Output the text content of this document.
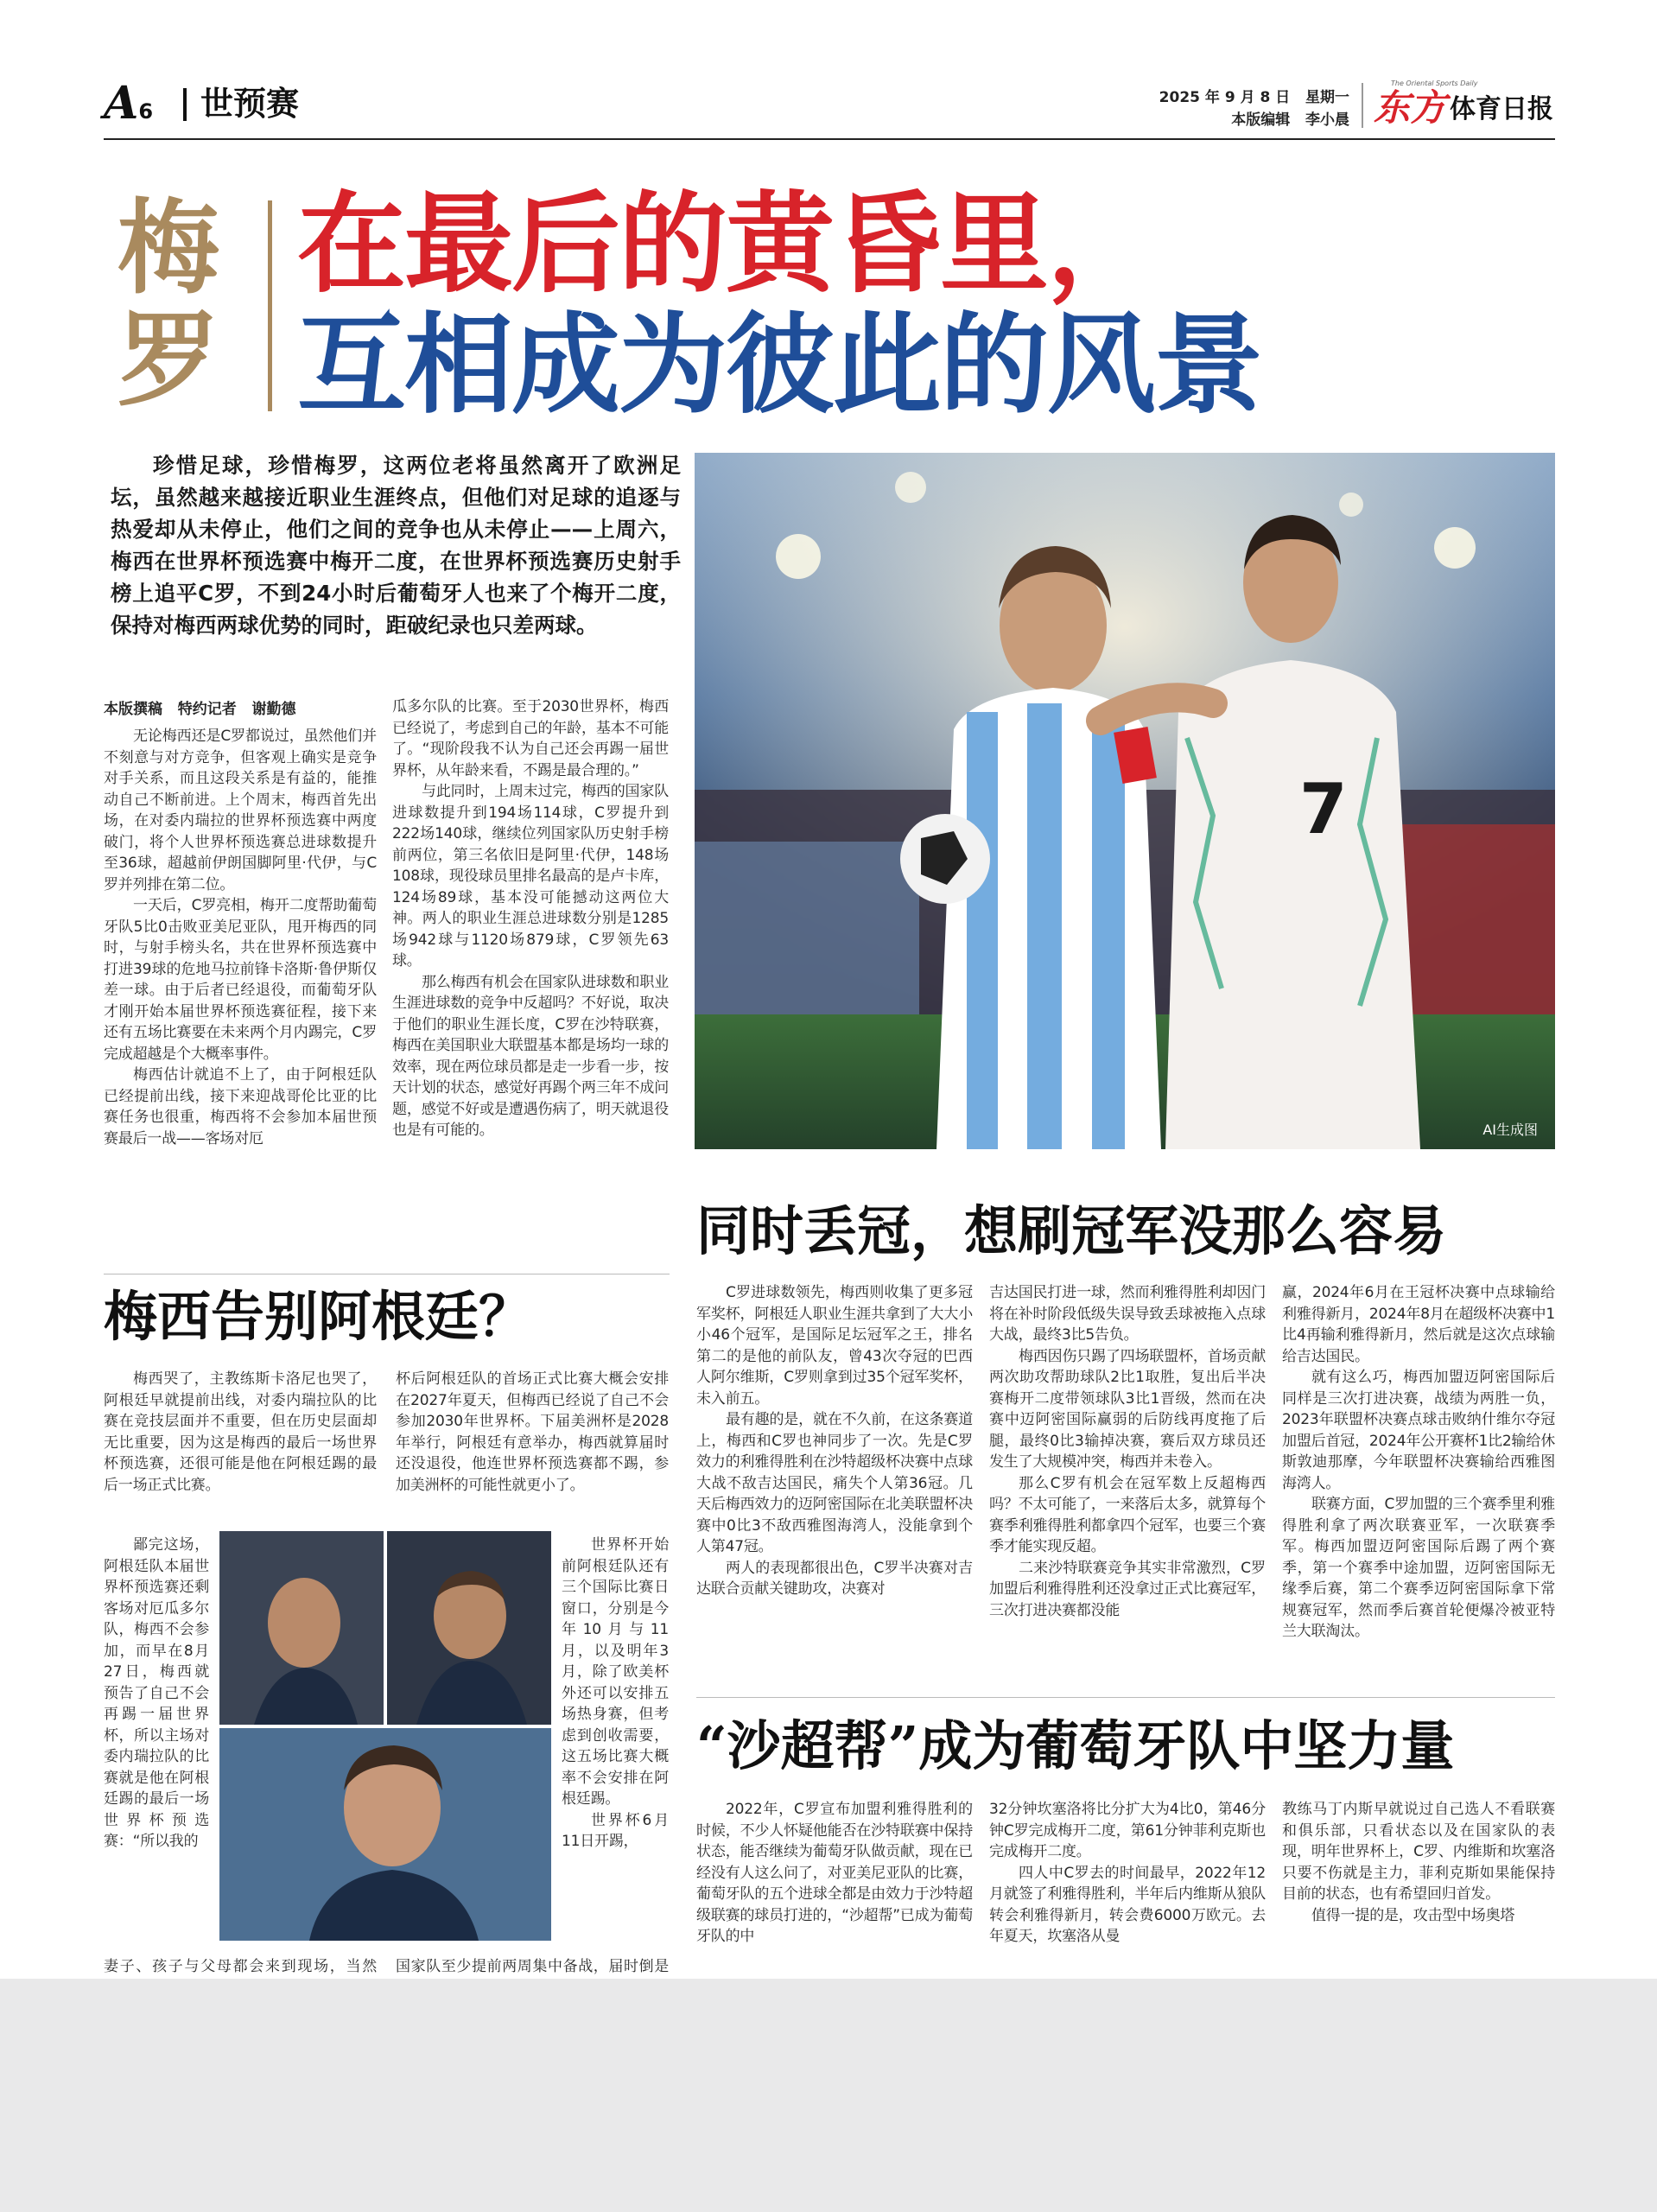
A6 世预赛	2025 年 9 月 8 日   星期一
本版编辑   李小晨
The Oriental Sports Daily
东方 体育日报
梅
罗
在最后的黄昏里，
互相成为彼此的风景

珍惜足球，珍惜梅罗，这两位老将虽然离开了欧洲足坛，虽然越来越接近职业生涯终点，但他们对足球的追逐与热爱却从未停止，他们之间的竞争也从未停止——上周六，梅西在世界杯预选赛中梅开二度，在世界杯预选赛历史射手榜上追平C罗，不到24小时后葡萄牙人也来了个梅开二度，保持对梅西两球优势的同时，距破纪录也只差两球。

7
AI生成图
本版撰稿   特约记者   谢勤德

无论梅西还是C罗都说过，虽然他们并不刻意与对方竞争，但客观上确实是竞争对手关系，而且这段关系是有益的，能推动自己不断前进。上个周末，梅西首先出场，在对委内瑞拉的世界杯预选赛中两度破门，将个人世界杯预选赛总进球数提升至36球，超越前伊朗国脚阿里·代伊，与C罗并列排在第二位。

一天后，C罗亮相，梅开二度帮助葡萄牙队5比0击败亚美尼亚队，甩开梅西的同时，与射手榜头名，共在世界杯预选赛中打进39球的危地马拉前锋卡洛斯·鲁伊斯仅差一球。由于后者已经退役，而葡萄牙队才刚开始本届世界杯预选赛征程，接下来还有五场比赛要在未来两个月内踢完，C罗完成超越是个大概率事件。

梅西估计就追不上了，由于阿根廷队已经提前出线，接下来迎战哥伦比亚的比赛任务也很重，梅西将不会参加本届世预赛最后一战——客场对厄

瓜多尔队的比赛。至于2030世界杯，梅西已经说了，考虑到自己的年龄，基本不可能了。“现阶段我不认为自己还会再踢一届世界杯，从年龄来看，不踢是最合理的。”

与此同时，上周末过完，梅西的国家队进球数提升到194场114球，C罗提升到222场140球，继续位列国家队历史射手榜前两位，第三名依旧是阿里·代伊，148场108球，现役球员里排名最高的是卢卡库，124场89球，基本没可能撼动这两位大神。两人的职业生涯总进球数分别是1285场942球与1120场879球，C罗领先63球。

那么梅西有机会在国家队进球数和职业生涯进球数的竞争中反超吗？不好说，取决于他们的职业生涯长度，C罗在沙特联赛，梅西在美国职业大联盟基本都是场均一球的效率，现在两位球员都是走一步看一步，按天计划的状态，感觉好再踢个两三年不成问题，感觉不好或是遭遇伤病了，明天就退役也是有可能的。

梅西告别阿根廷？

梅西哭了，主教练斯卡洛尼也哭了，阿根廷早就提前出线，对委内瑞拉队的比赛在竞技层面并不重要，但在历史层面却无比重要，因为这是梅西的最后一场世界杯预选赛，还很可能是他在阿根廷踢的最后一场正式比赛。

鄙完这场，阿根廷队本届世界杯预选赛还剩客场对厄瓜多尔队，梅西不会参加，而早在8月27日，梅西就预告了自己不会再踢一届世界杯，所以主场对委内瑞拉队的比赛就是他在阿根廷踢的最后一场世界杯预选赛：“所以我的

妻子、孩子与父母都会来到现场，当然

杯后阿根廷队的首场正式比赛大概会安排在2027年夏天，但梅西已经说了自己不会参加2030年世界杯。下届美洲杯是2028年举行，阿根廷有意举办，梅西就算届时还没退役，他连世界杯预选赛都不踢，参加美洲杯的可能性就更小了。

世界杯开始前阿根廷队还有三个国际比赛日窗口，分别是今年10月与11月，以及明年3月，除了欧美杯外还可以安排五场热身赛，但考虑到创收需要，这五场比赛大概率不会安排在阿根廷踢。

世界杯6月11日开踢，

国家队至少提前两周集中备战，届时倒是

同时丢冠，想刷冠军没那么容易

C罗进球数领先，梅西则收集了更多冠军奖杯，阿根廷人职业生涯共拿到了大大小小46个冠军，是国际足坛冠军之王，排名第二的是他的前队友，曾43次夺冠的巴西人阿尔维斯，C罗则拿到过35个冠军奖杯，未入前五。

最有趣的是，就在不久前，在这条赛道上，梅西和C罗也神同步了一次。先是C罗效力的利雅得胜利在沙特超级杯决赛中点球大战不敌吉达国民，痛失个人第36冠。几天后梅西效力的迈阿密国际在北美联盟杯决赛中0比3不敌西雅图海湾人，没能拿到个人第47冠。

两人的表现都很出色，C罗半决赛对吉达联合贡献关键助攻，决赛对

吉达国民打进一球，然而利雅得胜利却因门将在补时阶段低级失误导致丢球被拖入点球大战，最终3比5告负。

梅西因伤只踢了四场联盟杯，首场贡献两次助攻帮助球队2比1取胜，复出后半决赛梅开二度带领球队3比1晋级，然而在决赛中迈阿密国际赢弱的后防线再度拖了后腿，最终0比3输掉决赛，赛后双方球员还发生了大规模冲突，梅西并未卷入。

那么C罗有机会在冠军数上反超梅西吗？不太可能了，一来落后太多，就算每个赛季利雅得胜利都拿四个冠军，也要三个赛季才能实现反超。

二来沙特联赛竞争其实非常激烈，C罗加盟后利雅得胜利还没拿过正式比赛冠军，三次打进决赛都没能

赢，2024年6月在王冠杯决赛中点球输给利雅得新月，2024年8月在超级杯决赛中1比4再输利雅得新月，然后就是这次点球输给吉达国民。

就有这么巧，梅西加盟迈阿密国际后同样是三次打进决赛，战绩为两胜一负，2023年联盟杯决赛点球击败纳什维尔夺冠加盟后首冠，2024年公开赛杯1比2输给休斯敦迪那摩，今年联盟杯决赛输给西雅图海湾人。

联赛方面，C罗加盟的三个赛季里利雅得胜利拿了两次联赛亚军，一次联赛季军。梅西加盟迈阿密国际后踢了两个赛季，第一个赛季中途加盟，迈阿密国际无缘季后赛，第二个赛季迈阿密国际拿下常规赛冠军，然而季后赛首轮便爆冷被亚特兰大联淘汰。

“沙超帮”成为葡萄牙队中坚力量

2022年，C罗宣布加盟利雅得胜利的时候，不少人怀疑他能否在沙特联赛中保持状态，能否继续为葡萄牙队做贡献，现在已经没有人这么问了，对亚美尼亚队的比赛，葡萄牙队的五个进球全都是由效力于沙特超级联赛的球员打进的，“沙超帮”已成为葡萄牙队的中

32分钟坎塞洛将比分扩大为4比0，第46分钟C罗完成梅开二度，第61分钟菲利克斯也完成梅开二度。

四人中C罗去的时间最早，2022年12月就签了利雅得胜利，半年后内维斯从狼队转会利雅得新月，转会费6000万欧元。去年夏天，坎塞洛从曼

教练马丁内斯早就说过自己选人不看联赛和俱乐部，只看状态以及在国家队的表现，明年世界杯上，C罗、内维斯和坎塞洛只要不伤就是主力，菲利克斯如果能保持目前的状态，也有希望回归首发。

值得一提的是，攻击型中场奥塔
